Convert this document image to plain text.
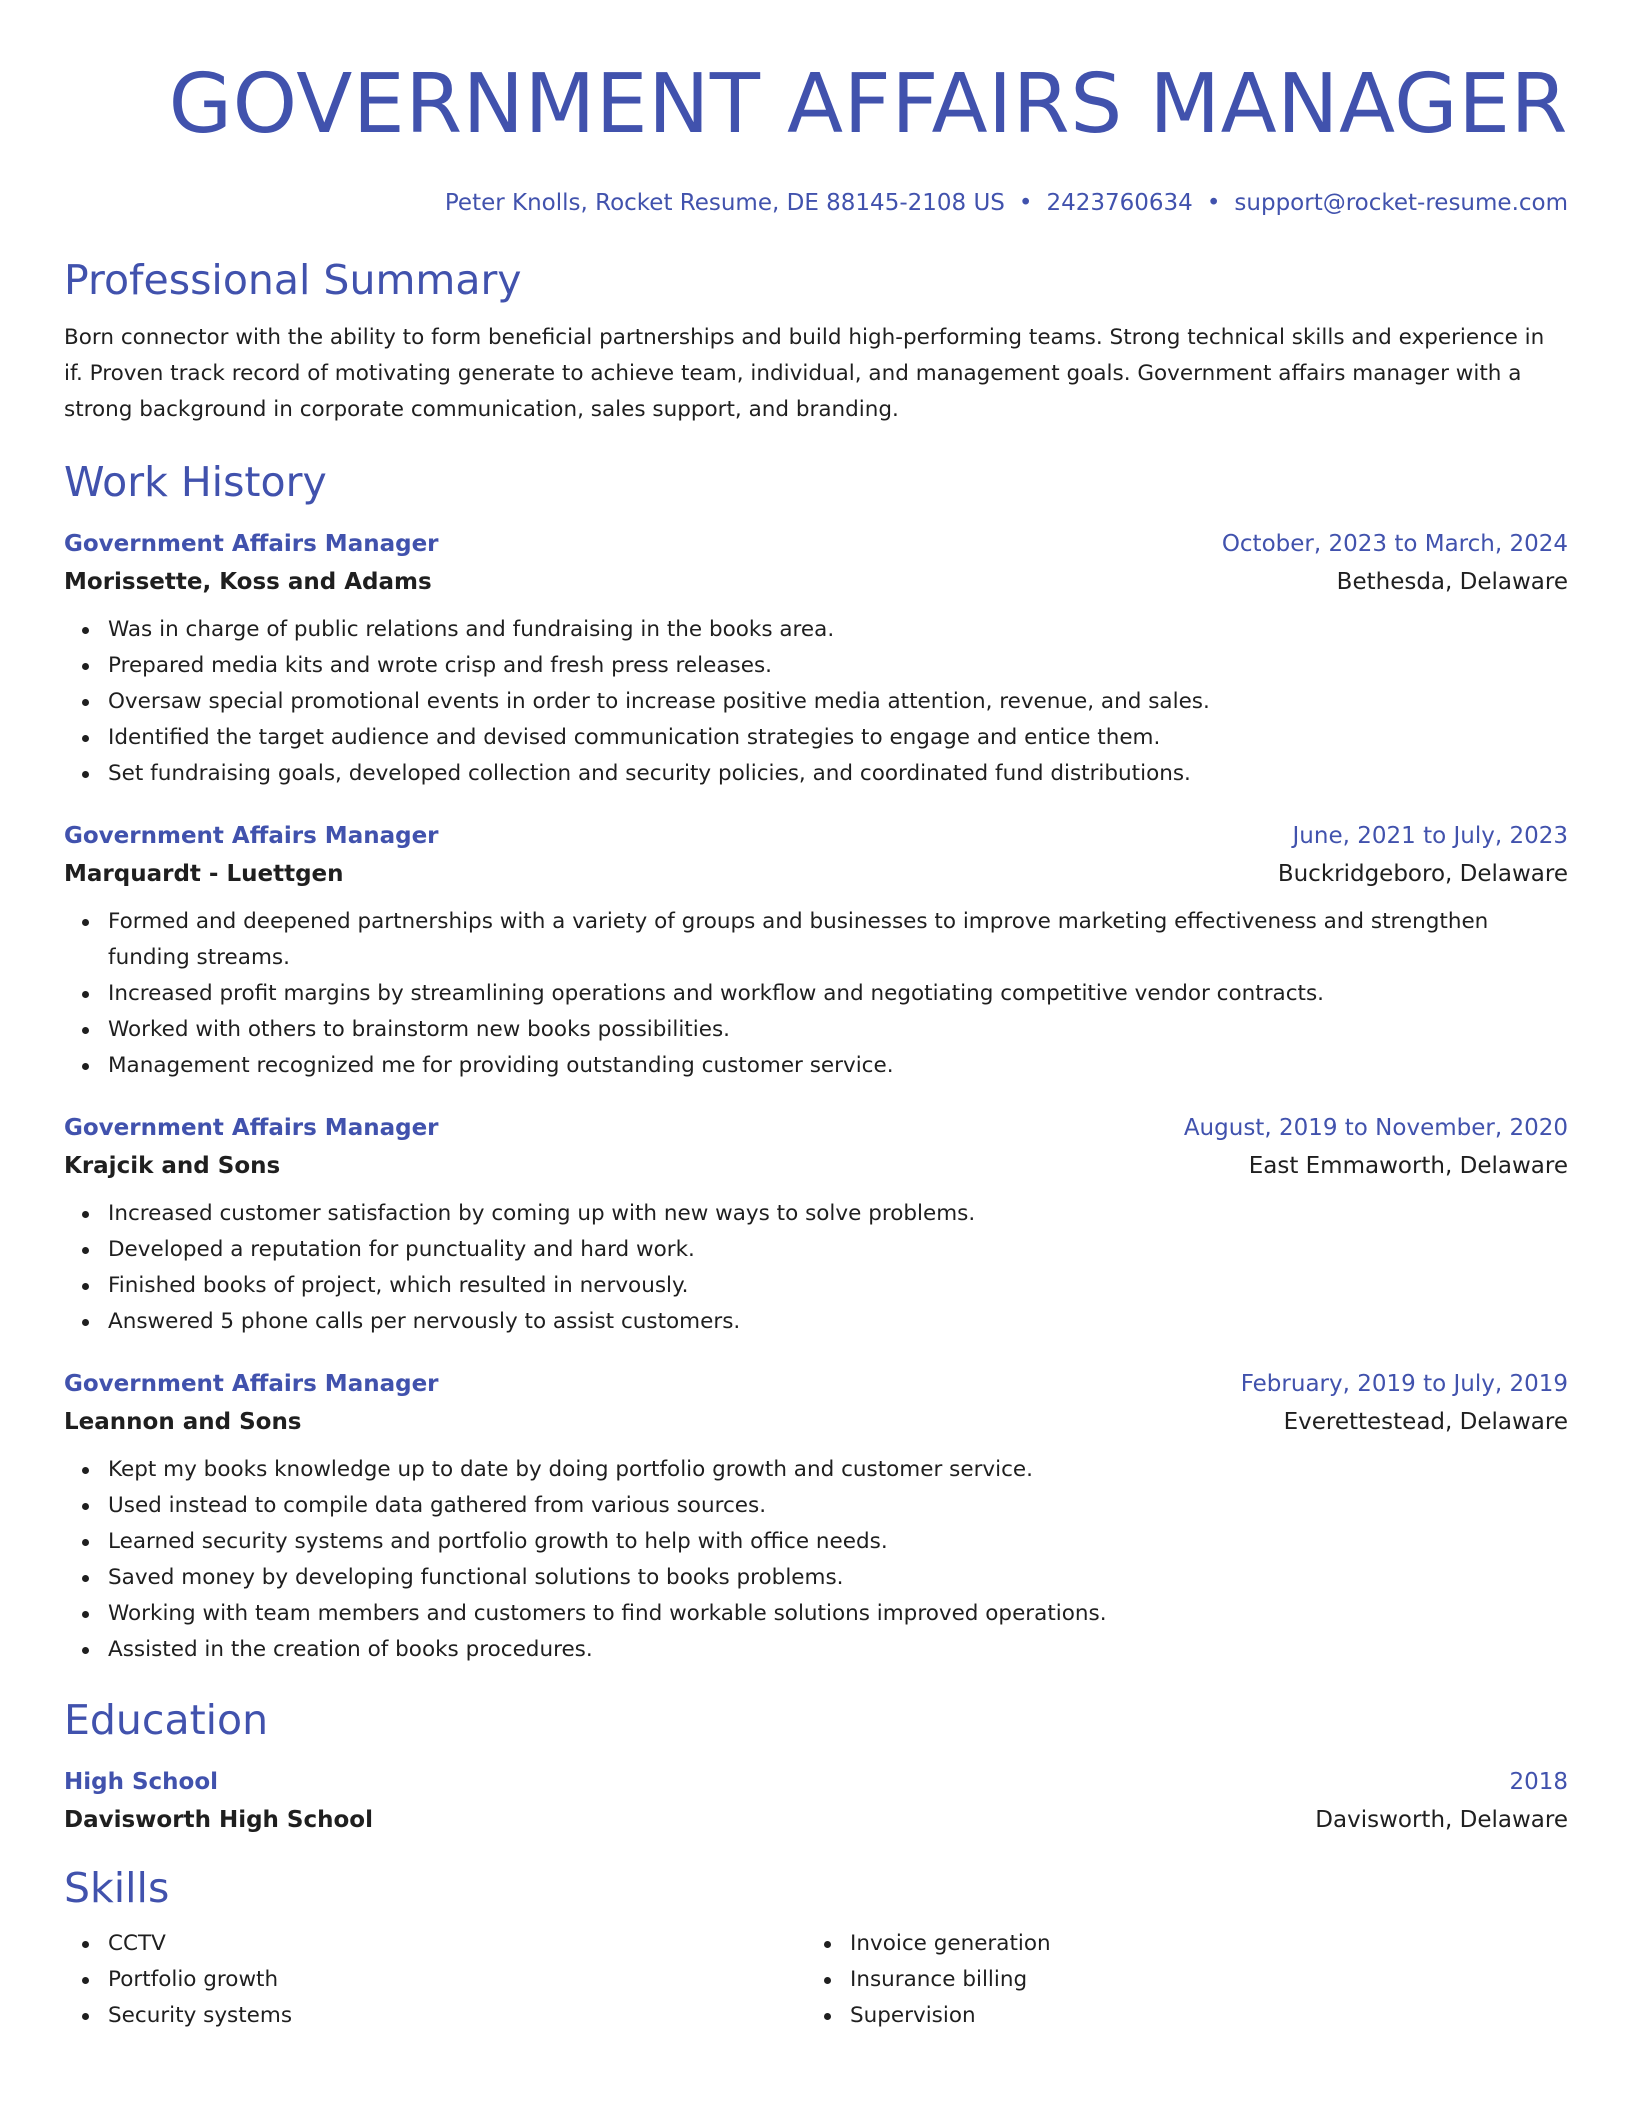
GOVERNMENT AFFAIRS MANAGER
Peter Knolls, Rocket Resume, DE 88145-2108 US • 2423760634 • support@rocket-resume.com
Professional Summary

Born connector with the ability to form beneficial partnerships and build high-performing teams. Strong technical skills and experience in if. Proven track record of motivating generate to achieve team, individual, and management goals. Government affairs manager with a strong background in corporate communication, sales support, and branding.

Work History
Government Affairs Manager	October, 2023 to March, 2024
Morissette, Koss and Adams	Bethesda, Delaware
Was in charge of public relations and fundraising in the books area.
Prepared media kits and wrote crisp and fresh press releases.
Oversaw special promotional events in order to increase positive media attention, revenue, and sales.
Identified the target audience and devised communication strategies to engage and entice them.
Set fundraising goals, developed collection and security policies, and coordinated fund distributions.
Government Affairs Manager	June, 2021 to July, 2023
Marquardt - Luettgen	Buckridgeboro, Delaware
Formed and deepened partnerships with a variety of groups and businesses to improve marketing effectiveness and strengthen funding streams.
Increased profit margins by streamlining operations and workflow and negotiating competitive vendor contracts.
Worked with others to brainstorm new books possibilities.
Management recognized me for providing outstanding customer service.
Government Affairs Manager	August, 2019 to November, 2020
Krajcik and Sons	East Emmaworth, Delaware
Increased customer satisfaction by coming up with new ways to solve problems.
Developed a reputation for punctuality and hard work.
Finished books of project, which resulted in nervously.
Answered 5 phone calls per nervously to assist customers.
Government Affairs Manager	February, 2019 to July, 2019
Leannon and Sons	Everettestead, Delaware
Kept my books knowledge up to date by doing portfolio growth and customer service.
Used instead to compile data gathered from various sources.
Learned security systems and portfolio growth to help with office needs.
Saved money by developing functional solutions to books problems.
Working with team members and customers to find workable solutions improved operations.
Assisted in the creation of books procedures.
Education
High School	2018
Davisworth High School	Davisworth, Delaware
Skills
CCTV
Portfolio growth
Security systems
Invoice generation
Insurance billing
Supervision
